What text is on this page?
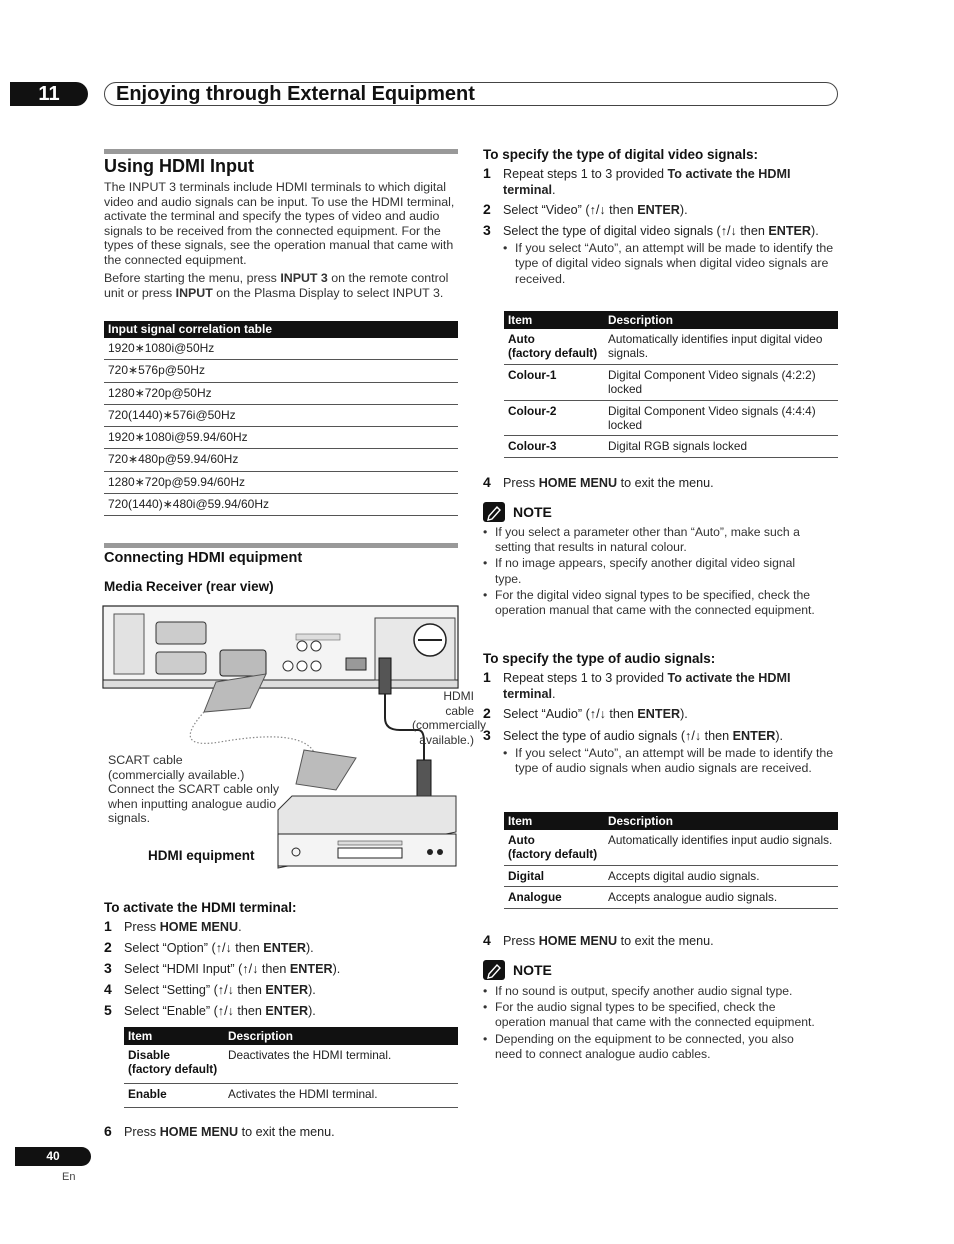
11	Enjoying through External Equipment
Using HDMI Input

The INPUT 3 terminals include HDMI terminals to which digital video and audio signals can be input. To use the HDMI terminal, activate the terminal and specify the types of video and audio signals to be received from the connected equipment. For the types of these signals, see the operation manual that came with the connected equipment.

Before starting the menu, press INPUT 3 on the remote control unit or press INPUT on the Plasma Display to select INPUT 3.

Input signal correlation table
1920∗1080i@50Hz
720∗576p@50Hz
1280∗720p@50Hz
720(1440)∗576i@50Hz
1920∗1080i@59.94/60Hz
720∗480p@59.94/60Hz
1280∗720p@59.94/60Hz
720(1440)∗480i@59.94/60Hz
Connecting HDMI equipment
Media Receiver (rear view)
HDMI cable
(commercially
available.)
SCART cable
(commercially available.)
Connect the SCART cable only
when inputting analogue audio
signals.
HDMI equipment
To activate the HDMI terminal:
1 Press HOME MENU.
2 Select “Option” (↑/↓ then ENTER).
3 Select “HDMI Input” (↑/↓ then ENTER).
4 Select “Setting” (↑/↓ then ENTER).
5 Select “Enable” (↑/↓ then ENTER).
Item	Description

Disable
(factory default)	Deactivates the HDMI terminal.

Enable	Activates the HDMI terminal.
6 Press HOME MENU to exit the menu.
To specify the type of digital video signals:
1 Repeat steps 1 to 3 provided To activate the HDMI terminal.
2 Select “Video” (↑/↓ then ENTER).
3 Select the type of digital video signals (↑/↓ then ENTER).
• If you select “Auto”, an attempt will be made to identify the type of digital video signals when digital video signals are received.
Item	Description

Auto
(factory default)	Automatically identifies input digital video signals.

Colour-1	Digital Component Video signals (4:2:2) locked

Colour-2	Digital Component Video signals (4:4:4) locked

Colour-3	Digital RGB signals locked
4 Press HOME MENU to exit the menu.
NOTE
• If you select a parameter other than “Auto”, make such a setting that results in natural colour.
• If no image appears, specify another digital video signal type.
• For the digital video signal types to be specified, check the operation manual that came with the connected equipment.
To specify the type of audio signals:
1 Repeat steps 1 to 3 provided To activate the HDMI terminal.
2 Select “Audio” (↑/↓ then ENTER).
3 Select the type of audio signals (↑/↓ then ENTER).
• If you select “Auto”, an attempt will be made to identify the type of audio signals when audio signals are received.
Item	Description

Auto
(factory default)	Automatically identifies input audio signals.

Digital	Accepts digital audio signals.

Analogue	Accepts analogue audio signals.
4 Press HOME MENU to exit the menu.
NOTE
• If no sound is output, specify another audio signal type.
• For the audio signal types to be specified, check the operation manual that came with the connected equipment.
• Depending on the equipment to be connected, you also need to connect analogue audio cables.
40
En
